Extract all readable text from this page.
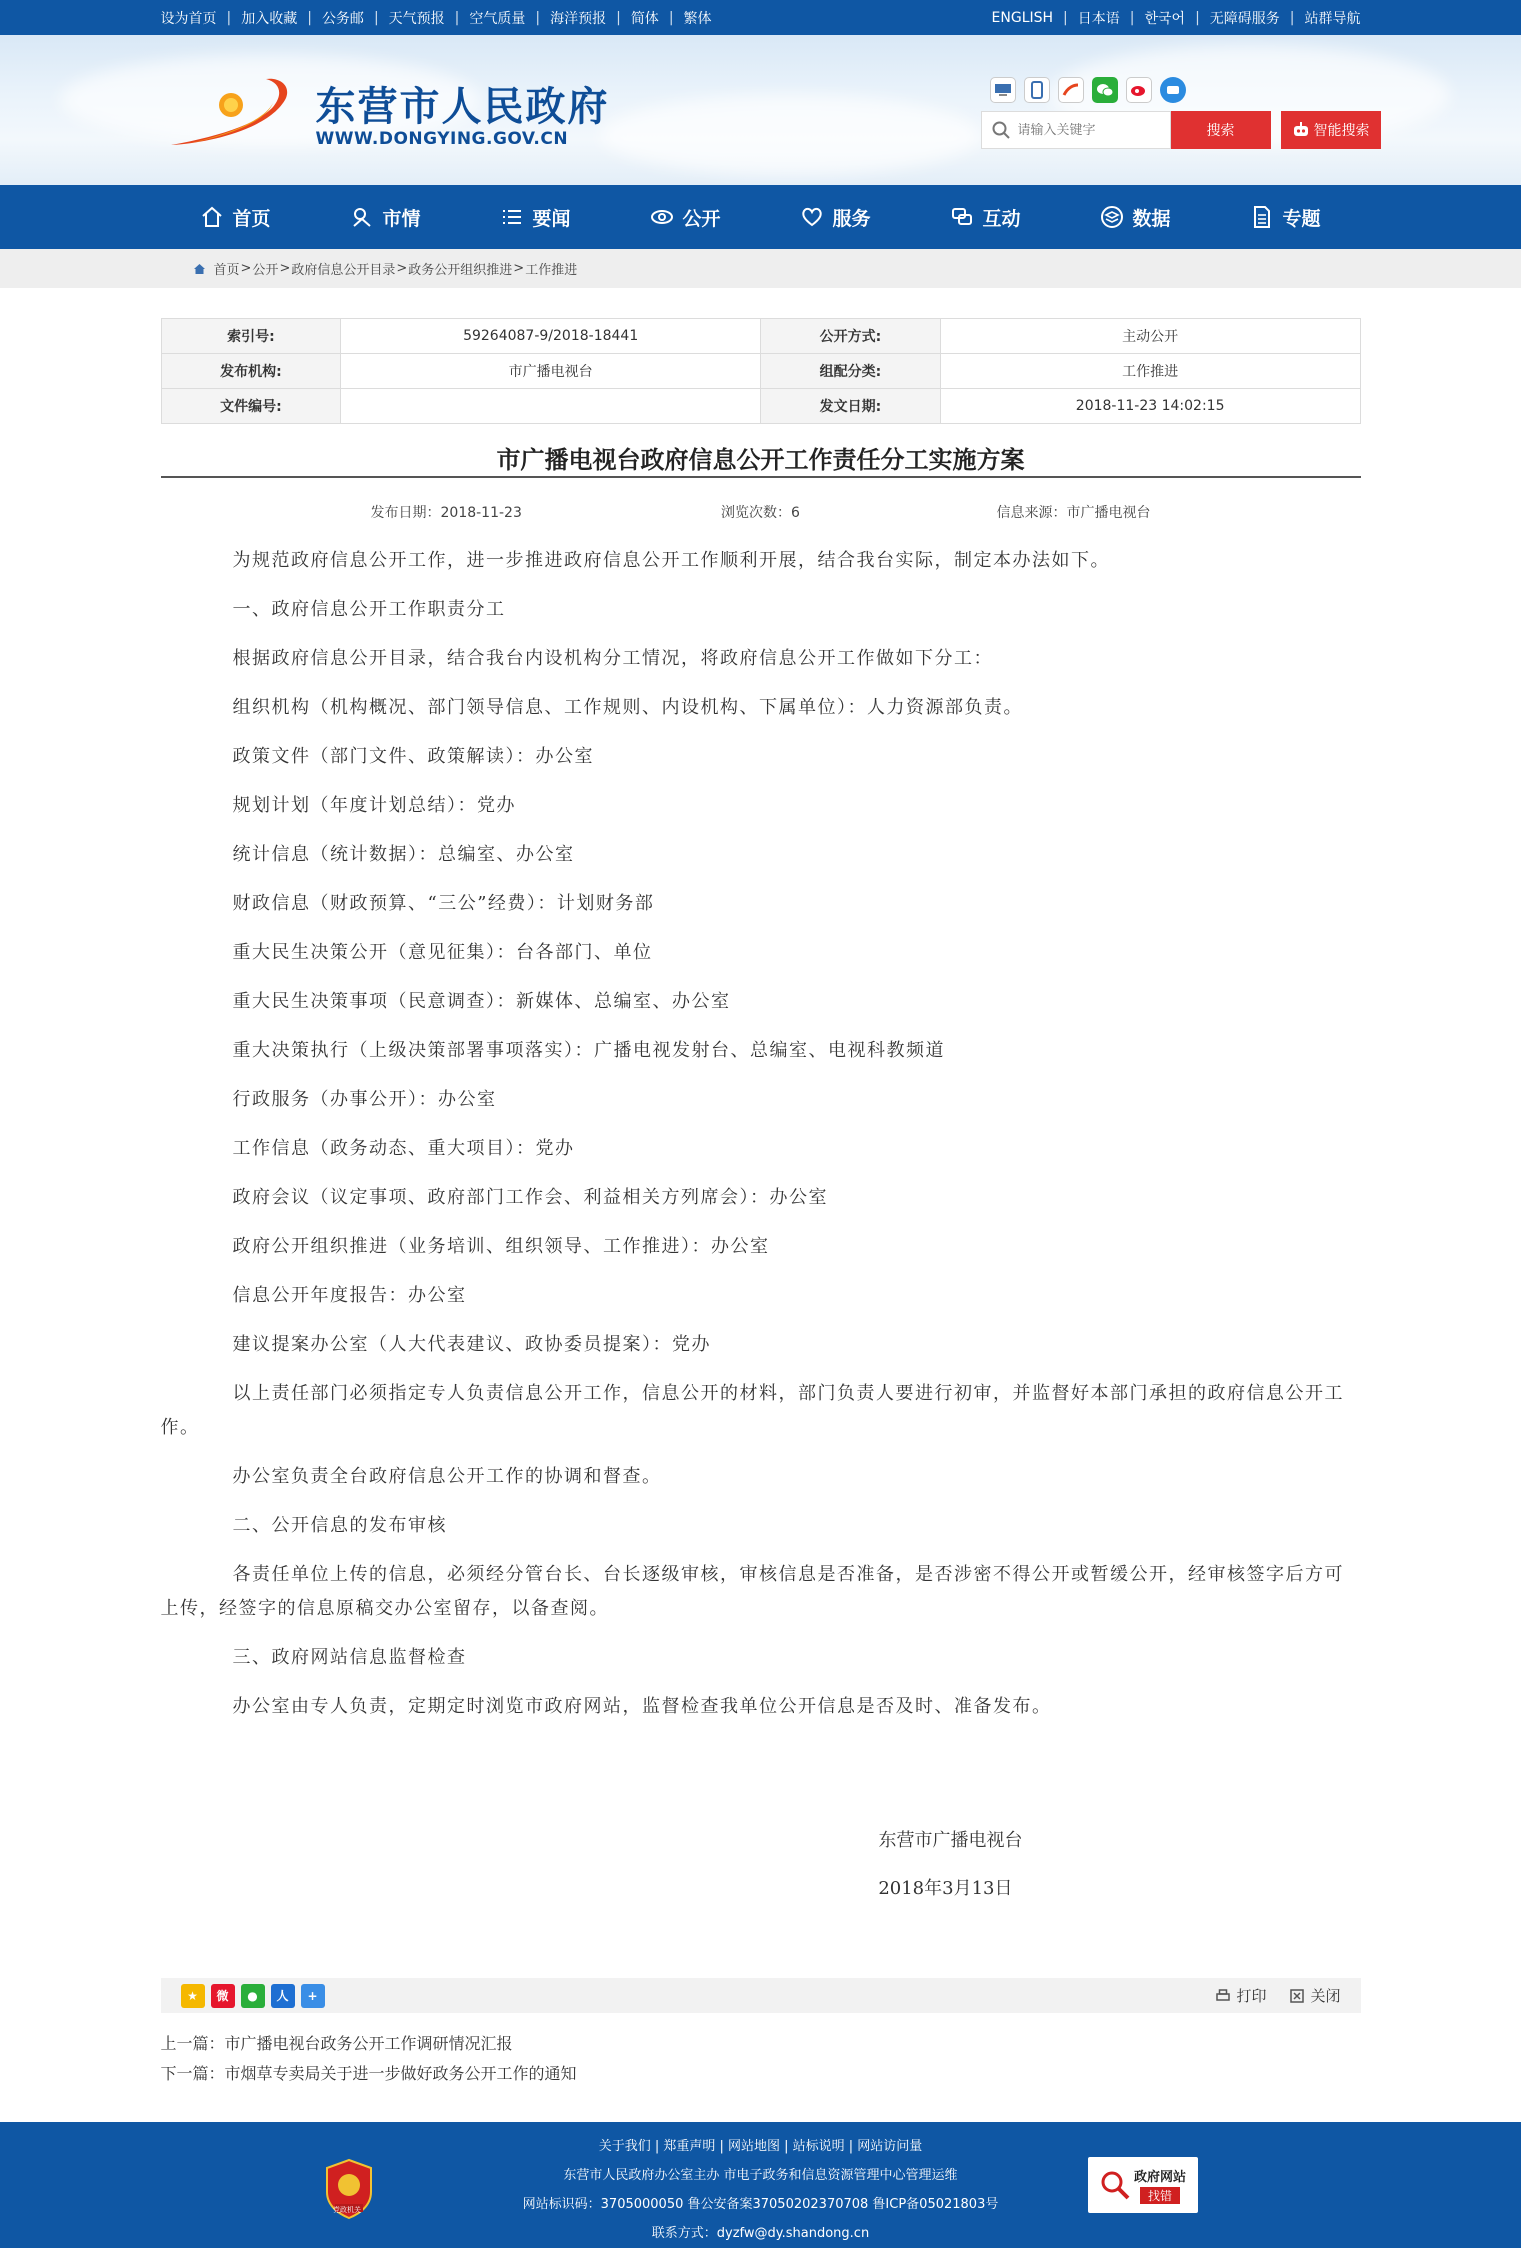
设为首页 | 加入收藏 | 公务邮 | 天气预报 | 空气质量 | 海洋预报 | 简体 | 繁体	ENGLISH | 日本语 | 한국어 | 无障碍服务 | 站群导航
东营市人民政府
WWW.DONGYING.GOV.CN
请输入关键字	搜索	智能搜索
首页	市情	要闻	公开	服务	互动	数据	专题
首页 > 公开 > 政府信息公开目录 > 政务公开组织推进 > 工作推进
索引号:	59264087-9/2018-18441	公开方式:	主动公开
发布机构:	市广播电视台	组配分类:	工作推进
文件编号:		发文日期:	2018-11-23 14:02:15
市广播电视台政府信息公开工作责任分工实施方案
发布日期：2018-11-23	浏览次数：6	信息来源：市广播电视台

为规范政府信息公开工作，进一步推进政府信息公开工作顺利开展，结合我台实际，制定本办法如下。

一、政府信息公开工作职责分工

根据政府信息公开目录，结合我台内设机构分工情况，将政府信息公开工作做如下分工：

组织机构（机构概况、部门领导信息、工作规则、内设机构、下属单位）：人力资源部负责。

政策文件（部门文件、政策解读）：办公室

规划计划（年度计划总结）：党办

统计信息（统计数据）：总编室、办公室

财政信息（财政预算、“三公”经费）：计划财务部

重大民生决策公开（意见征集）：台各部门、单位

重大民生决策事项（民意调查）：新媒体、总编室、办公室

重大决策执行（上级决策部署事项落实）：广播电视发射台、总编室、电视科教频道

行政服务（办事公开）：办公室

工作信息（政务动态、重大项目）：党办

政府会议（议定事项、政府部门工作会、利益相关方列席会）：办公室

政府公开组织推进（业务培训、组织领导、工作推进）：办公室

信息公开年度报告：办公室

建议提案办公室（人大代表建议、政协委员提案）：党办

以上责任部门必须指定专人负责信息公开工作，信息公开的材料，部门负责人要进行初审，并监督好本部门承担的政府信息公开工作。

办公室负责全台政府信息公开工作的协调和督查。

二、公开信息的发布审核

各责任单位上传的信息，必须经分管台长、台长逐级审核，审核信息是否准备，是否涉密不得公开或暂缓公开，经审核签字后方可上传，经签字的信息原稿交办公室留存，以备查阅。

三、政府网站信息监督检查

办公室由专人负责，定期定时浏览市政府网站，监督检查我单位公开信息是否及时、准备发布。

东营市广播电视台
2018年3月13日
★	微	●	人	+	打印	关闭
上一篇：市广播电视台政务公开工作调研情况汇报
下一篇：市烟草专卖局关于进一步做好政务公开工作的通知
关于我们 | 郑重声明 | 网站地图 | 站标说明 | 网站访问量
东营市人民政府办公室主办 市电子政务和信息资源管理中心管理运维
网站标识码：3705000050 鲁公安备案37050202370708 鲁ICP备05021803号
联系方式：dyzfw@dy.shandong.cn
党政机关
政府网站
找错
